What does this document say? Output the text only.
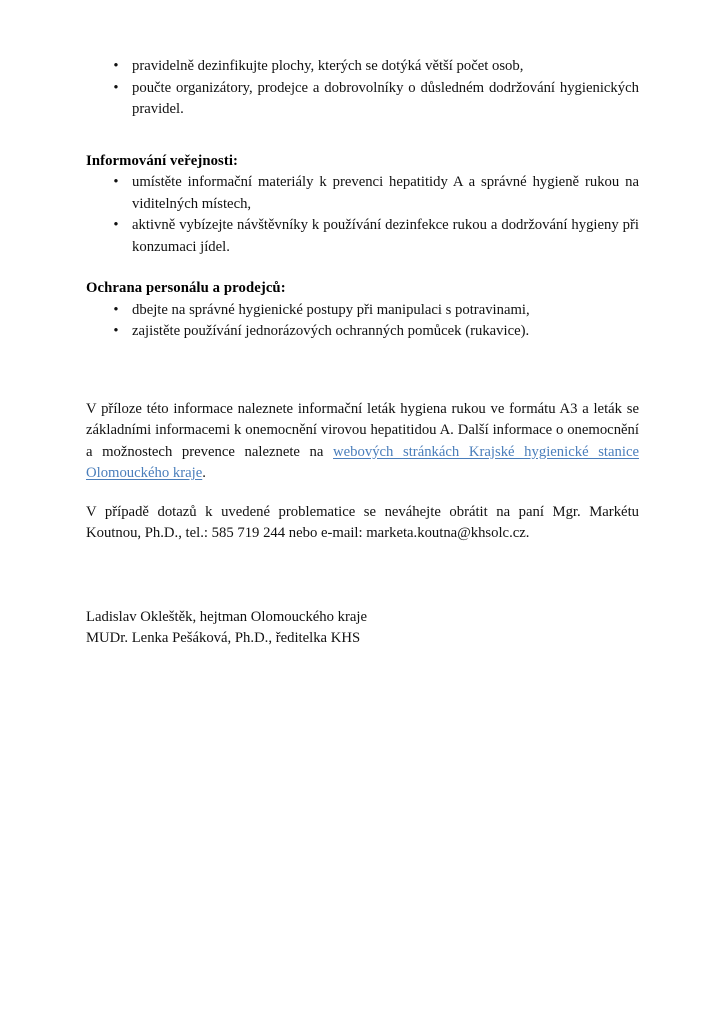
• pravidelně dezinfikujte plochy, kterých se dotýká větší počet osob,
• poučte organizátory, prodejce a dobrovolníky o důsledném dodržování hygienických pravidel.

Informování veřejnosti:

• umístěte informační materiály k prevenci hepatitidy A a správné hygieně rukou na viditelných místech,
• aktivně vybízejte návštěvníky k používání dezinfekce rukou a dodržování hygieny při konzumaci jídel.

Ochrana personálu a prodejců:

• dbejte na správné hygienické postupy při manipulaci s potravinami,
• zajistěte používání jednorázových ochranných pomůcek (rukavice).

V příloze této informace naleznete informační leták hygiena rukou ve formátu A3 a leták se základními informacemi k onemocnění virovou hepatitidou A. Další informace o onemocnění a možnostech prevence naleznete na webových stránkách Krajské hygienické stanice Olomouckého kraje.

V případě dotazů k uvedené problematice se neváhejte obrátit na paní Mgr. Markétu Koutnou, Ph.D., tel.: 585 719 244 nebo e-mail: marketa.koutna@khsolc.cz.

Ladislav Okleštěk, hejtman Olomouckého kraje

MUDr. Lenka Pešáková, Ph.D., ředitelka KHS
